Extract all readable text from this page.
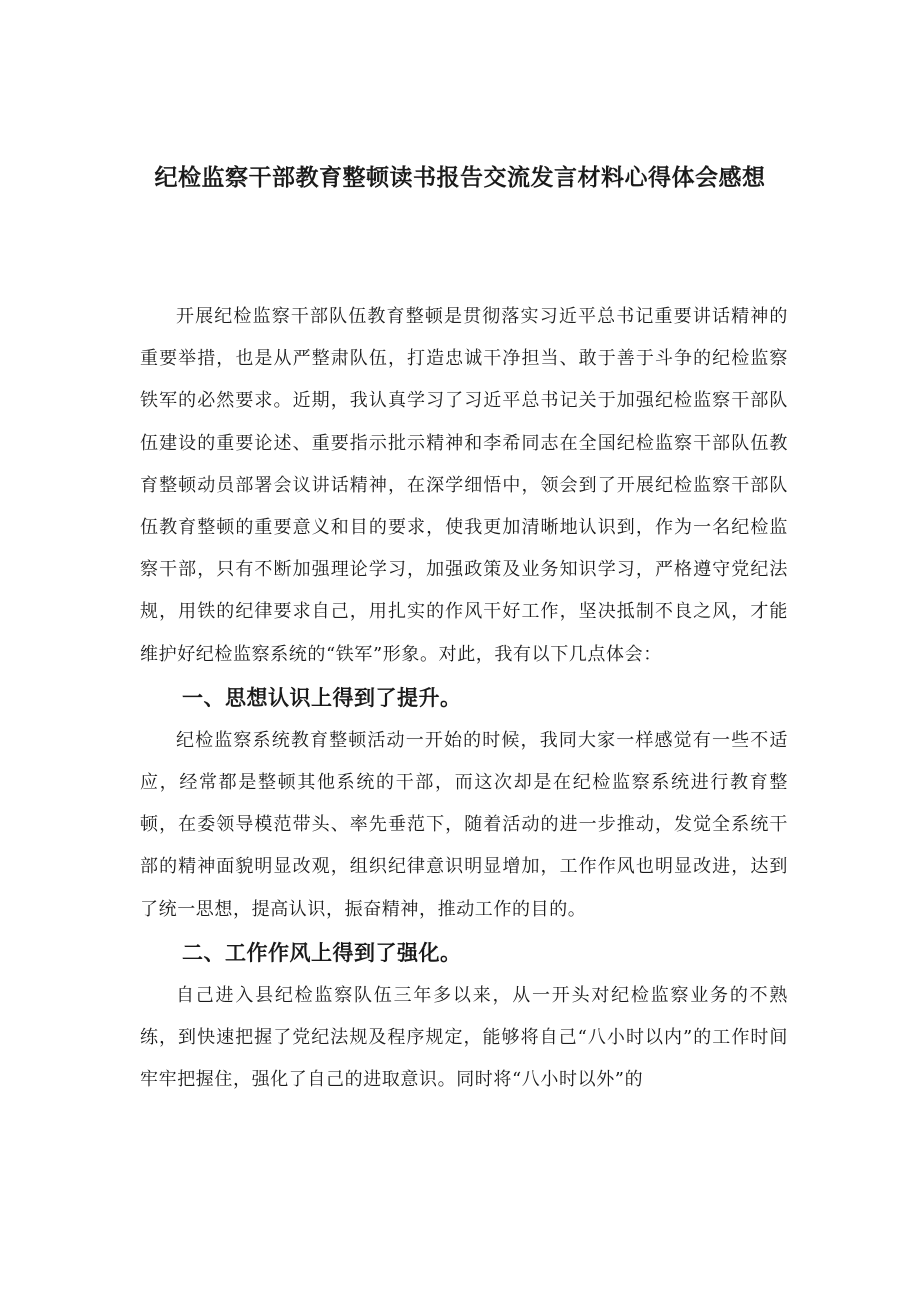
纪检监察干部教育整顿读书报告交流发言材料心得体会感想

开展纪检监察干部队伍教育整顿是贯彻落实习近平总书记重要讲话精神的重要举措，也是从严整肃队伍，打造忠诚干净担当、敢于善于斗争的纪检监察铁军的必然要求。近期，我认真学习了习近平总书记关于加强纪检监察干部队伍建设的重要论述、重要指示批示精神和李希同志在全国纪检监察干部队伍教育整顿动员部署会议讲话精神，在深学细悟中，领会到了开展纪检监察干部队伍教育整顿的重要意义和目的要求，使我更加清晰地认识到，作为一名纪检监察干部，只有不断加强理论学习，加强政策及业务知识学习，严格遵守党纪法规，用铁的纪律要求自己，用扎实的作风干好工作，坚决抵制不良之风，才能维护好纪检监察系统的“铁军”形象。对此，我有以下几点体会：

一、思想认识上得到了提升。

纪检监察系统教育整顿活动一开始的时候，我同大家一样感觉有一些不适应，经常都是整顿其他系统的干部，而这次却是在纪检监察系统进行教育整顿，在委领导模范带头、率先垂范下，随着活动的进一步推动，发觉全系统干部的精神面貌明显改观，组织纪律意识明显增加，工作作风也明显改进，达到了统一思想，提高认识，振奋精神，推动工作的目的。

二、工作作风上得到了强化。

自己进入县纪检监察队伍三年多以来，从一开头对纪检监察业务的不熟练，到快速把握了党纪法规及程序规定，能够将自己“八小时以内”的工作时间牢牢把握住，强化了自己的进取意识。同时将“八小时以外”的
